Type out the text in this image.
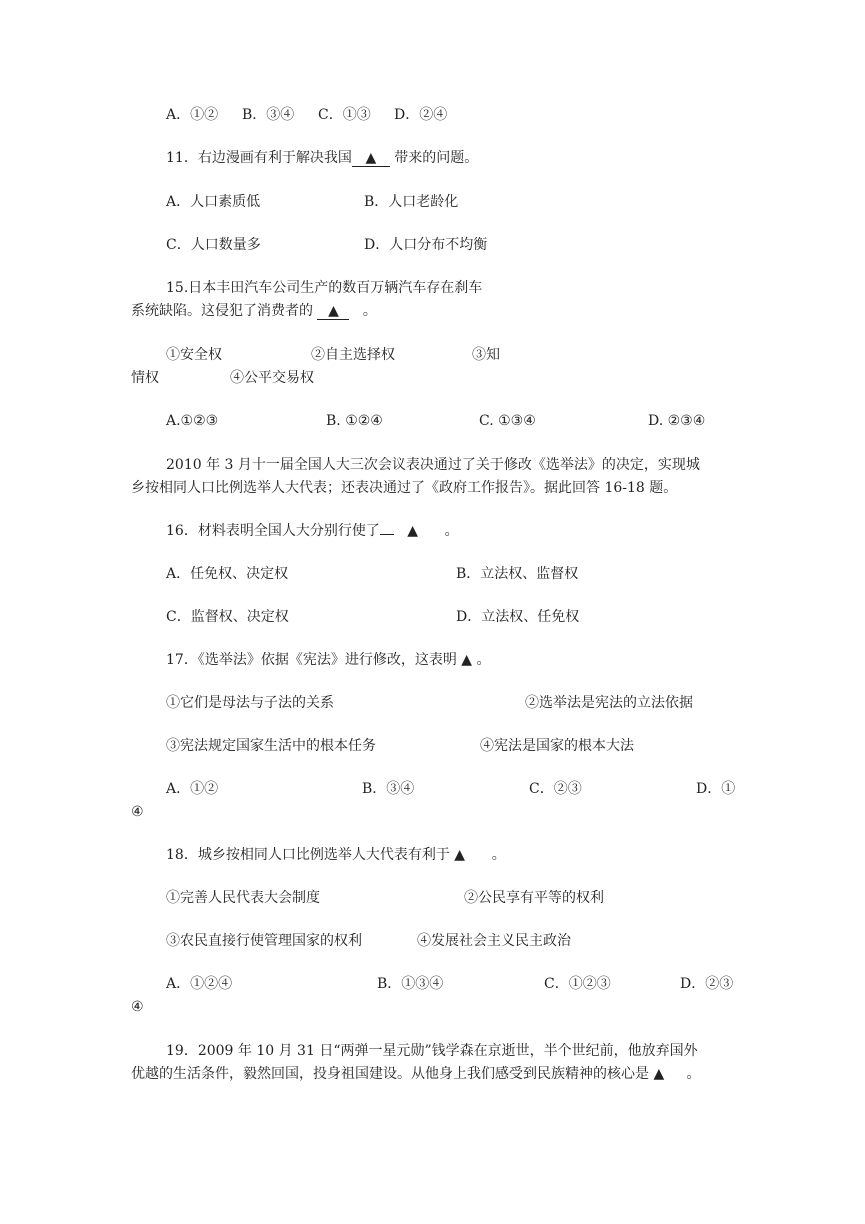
A．①② B．③④ C．①③ D．②④
11．右边漫画有利于解决我国 ▲ 带来的问题。
A．人口素质低	B．人口老龄化
C．人口数量多	D．人口分布不均衡
15.日本丰田汽车公司生产的数百万辆汽车存在刹车
系统缺陷。这侵犯了消费者的 ▲ 。
①安全权	②自主选择权	③知
情权	④公平交易权
A.①②③	B. ①②④	C. ①③④	D. ②③④
2010 年 3 月十一届全国人大三次会议表决通过了关于修改《选举法》的决定，实现城
乡按相同人口比例选举人大代表；还表决通过了《政府工作报告》。据此回答 16-18 题。
16．材料表明全国人大分别行使了 ▲ 。
A．任免权、决定权	B．立法权、监督权
C．监督权、决定权	D．立法权、任免权
17．《选举法》依据《宪法》进行修改，这表明 ▲ 。
①它们是母法与子法的关系	②选举法是宪法的立法依据
③宪法规定国家生活中的根本任务	④宪法是国家的根本大法
A．①②	B．③④	C．②③	D．①
④
18．城乡按相同人口比例选举人大代表有利于 ▲ 。
①完善人民代表大会制度	②公民享有平等的权利
③农民直接行使管理国家的权利	④发展社会主义民主政治
A．①②④	B．①③④	C．①②③	D．②③
④
19．2009 年 10 月 31 日“两弹一星元勋”钱学森在京逝世，半个世纪前，他放弃国外
优越的生活条件，毅然回国，投身祖国建设。从他身上我们感受到民族精神的核心是 ▲ 。
